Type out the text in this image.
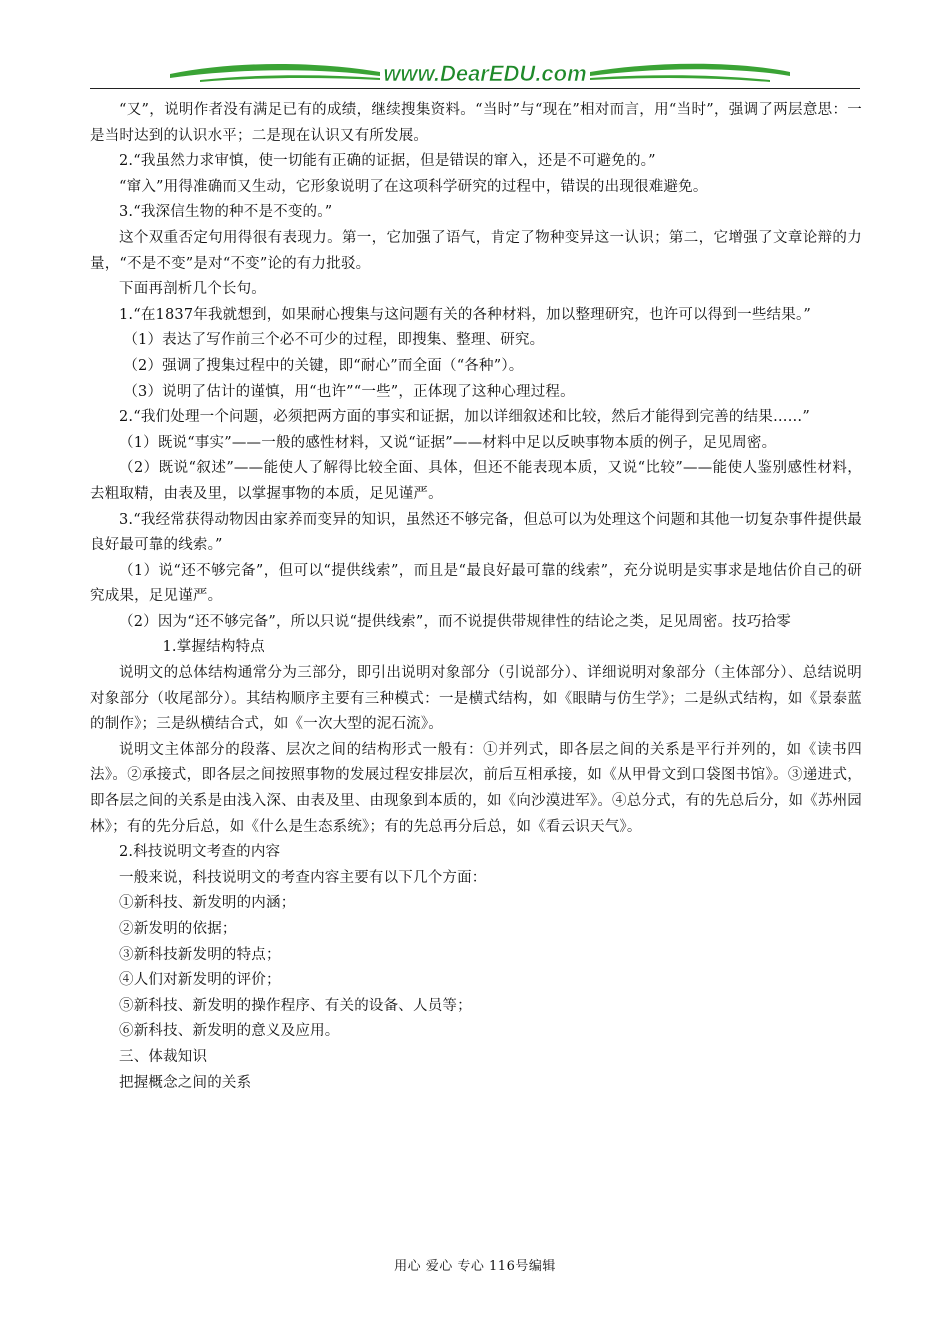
www.DearEDU.com

“又”，说明作者没有满足已有的成绩，继续搜集资料。“当时”与“现在”相对而言，用“当时”，强调了两层意思：一是当时达到的认识水平；二是现在认识又有所发展。

2.“我虽然力求审慎，使一切能有正确的证据，但是错误的窜入，还是不可避免的。”

“窜入”用得准确而又生动，它形象说明了在这项科学研究的过程中，错误的出现很难避免。

3.“我深信生物的种不是不变的。”

这个双重否定句用得很有表现力。第一，它加强了语气，肯定了物种变异这一认识；第二，它增强了文章论辩的力量，“不是不变”是对“不变”论的有力批驳。

下面再剖析几个长句。

1.“在1837年我就想到，如果耐心搜集与这问题有关的各种材料，加以整理研究，也许可以得到一些结果。”

（1）表达了写作前三个必不可少的过程，即搜集、整理、研究。

（2）强调了搜集过程中的关键，即“耐心”而全面（“各种”）。

（3）说明了估计的谨慎，用“也许”“一些”，正体现了这种心理过程。

2.“我们处理一个问题，必须把两方面的事实和证据，加以详细叙述和比较，然后才能得到完善的结果……”

（1）既说“事实”——一般的感性材料，又说“证据”——材料中足以反映事物本质的例子，足见周密。

（2）既说“叙述”——能使人了解得比较全面、具体，但还不能表现本质，又说“比较”——能使人鉴别感性材料，去粗取精，由表及里，以掌握事物的本质，足见谨严。

3.“我经常获得动物因由家养而变异的知识，虽然还不够完备，但总可以为处理这个问题和其他一切复杂事件提供最良好最可靠的线索。”

（1）说“还不够完备”，但可以“提供线索”，而且是“最良好最可靠的线索”，充分说明是实事求是地估价自己的研究成果，足见谨严。

（2）因为“还不够完备”，所以只说“提供线索”，而不说提供带规律性的结论之类，足见周密。技巧拾零

1.掌握结构特点

说明文的总体结构通常分为三部分，即引出说明对象部分（引说部分）、详细说明对象部分（主体部分）、总结说明对象部分（收尾部分）。其结构顺序主要有三种模式：一是横式结构，如《眼睛与仿生学》；二是纵式结构，如《景泰蓝的制作》；三是纵横结合式，如《一次大型的泥石流》。

说明文主体部分的段落、层次之间的结构形式一般有：①并列式，即各层之间的关系是平行并列的，如《读书四法》。②承接式，即各层之间按照事物的发展过程安排层次，前后互相承接，如《从甲骨文到口袋图书馆》。③递进式，即各层之间的关系是由浅入深、由表及里、由现象到本质的，如《向沙漠进军》。④总分式，有的先总后分，如《苏州园林》；有的先分后总，如《什么是生态系统》；有的先总再分后总，如《看云识天气》。

2.科技说明文考查的内容

一般来说，科技说明文的考查内容主要有以下几个方面：

①新科技、新发明的内涵；

②新发明的依据；

③新科技新发明的特点；

④人们对新发明的评价；

⑤新科技、新发明的操作程序、有关的设备、人员等；

⑥新科技、新发明的意义及应用。

三、体裁知识

把握概念之间的关系

用心 爱心 专心 116号编辑
